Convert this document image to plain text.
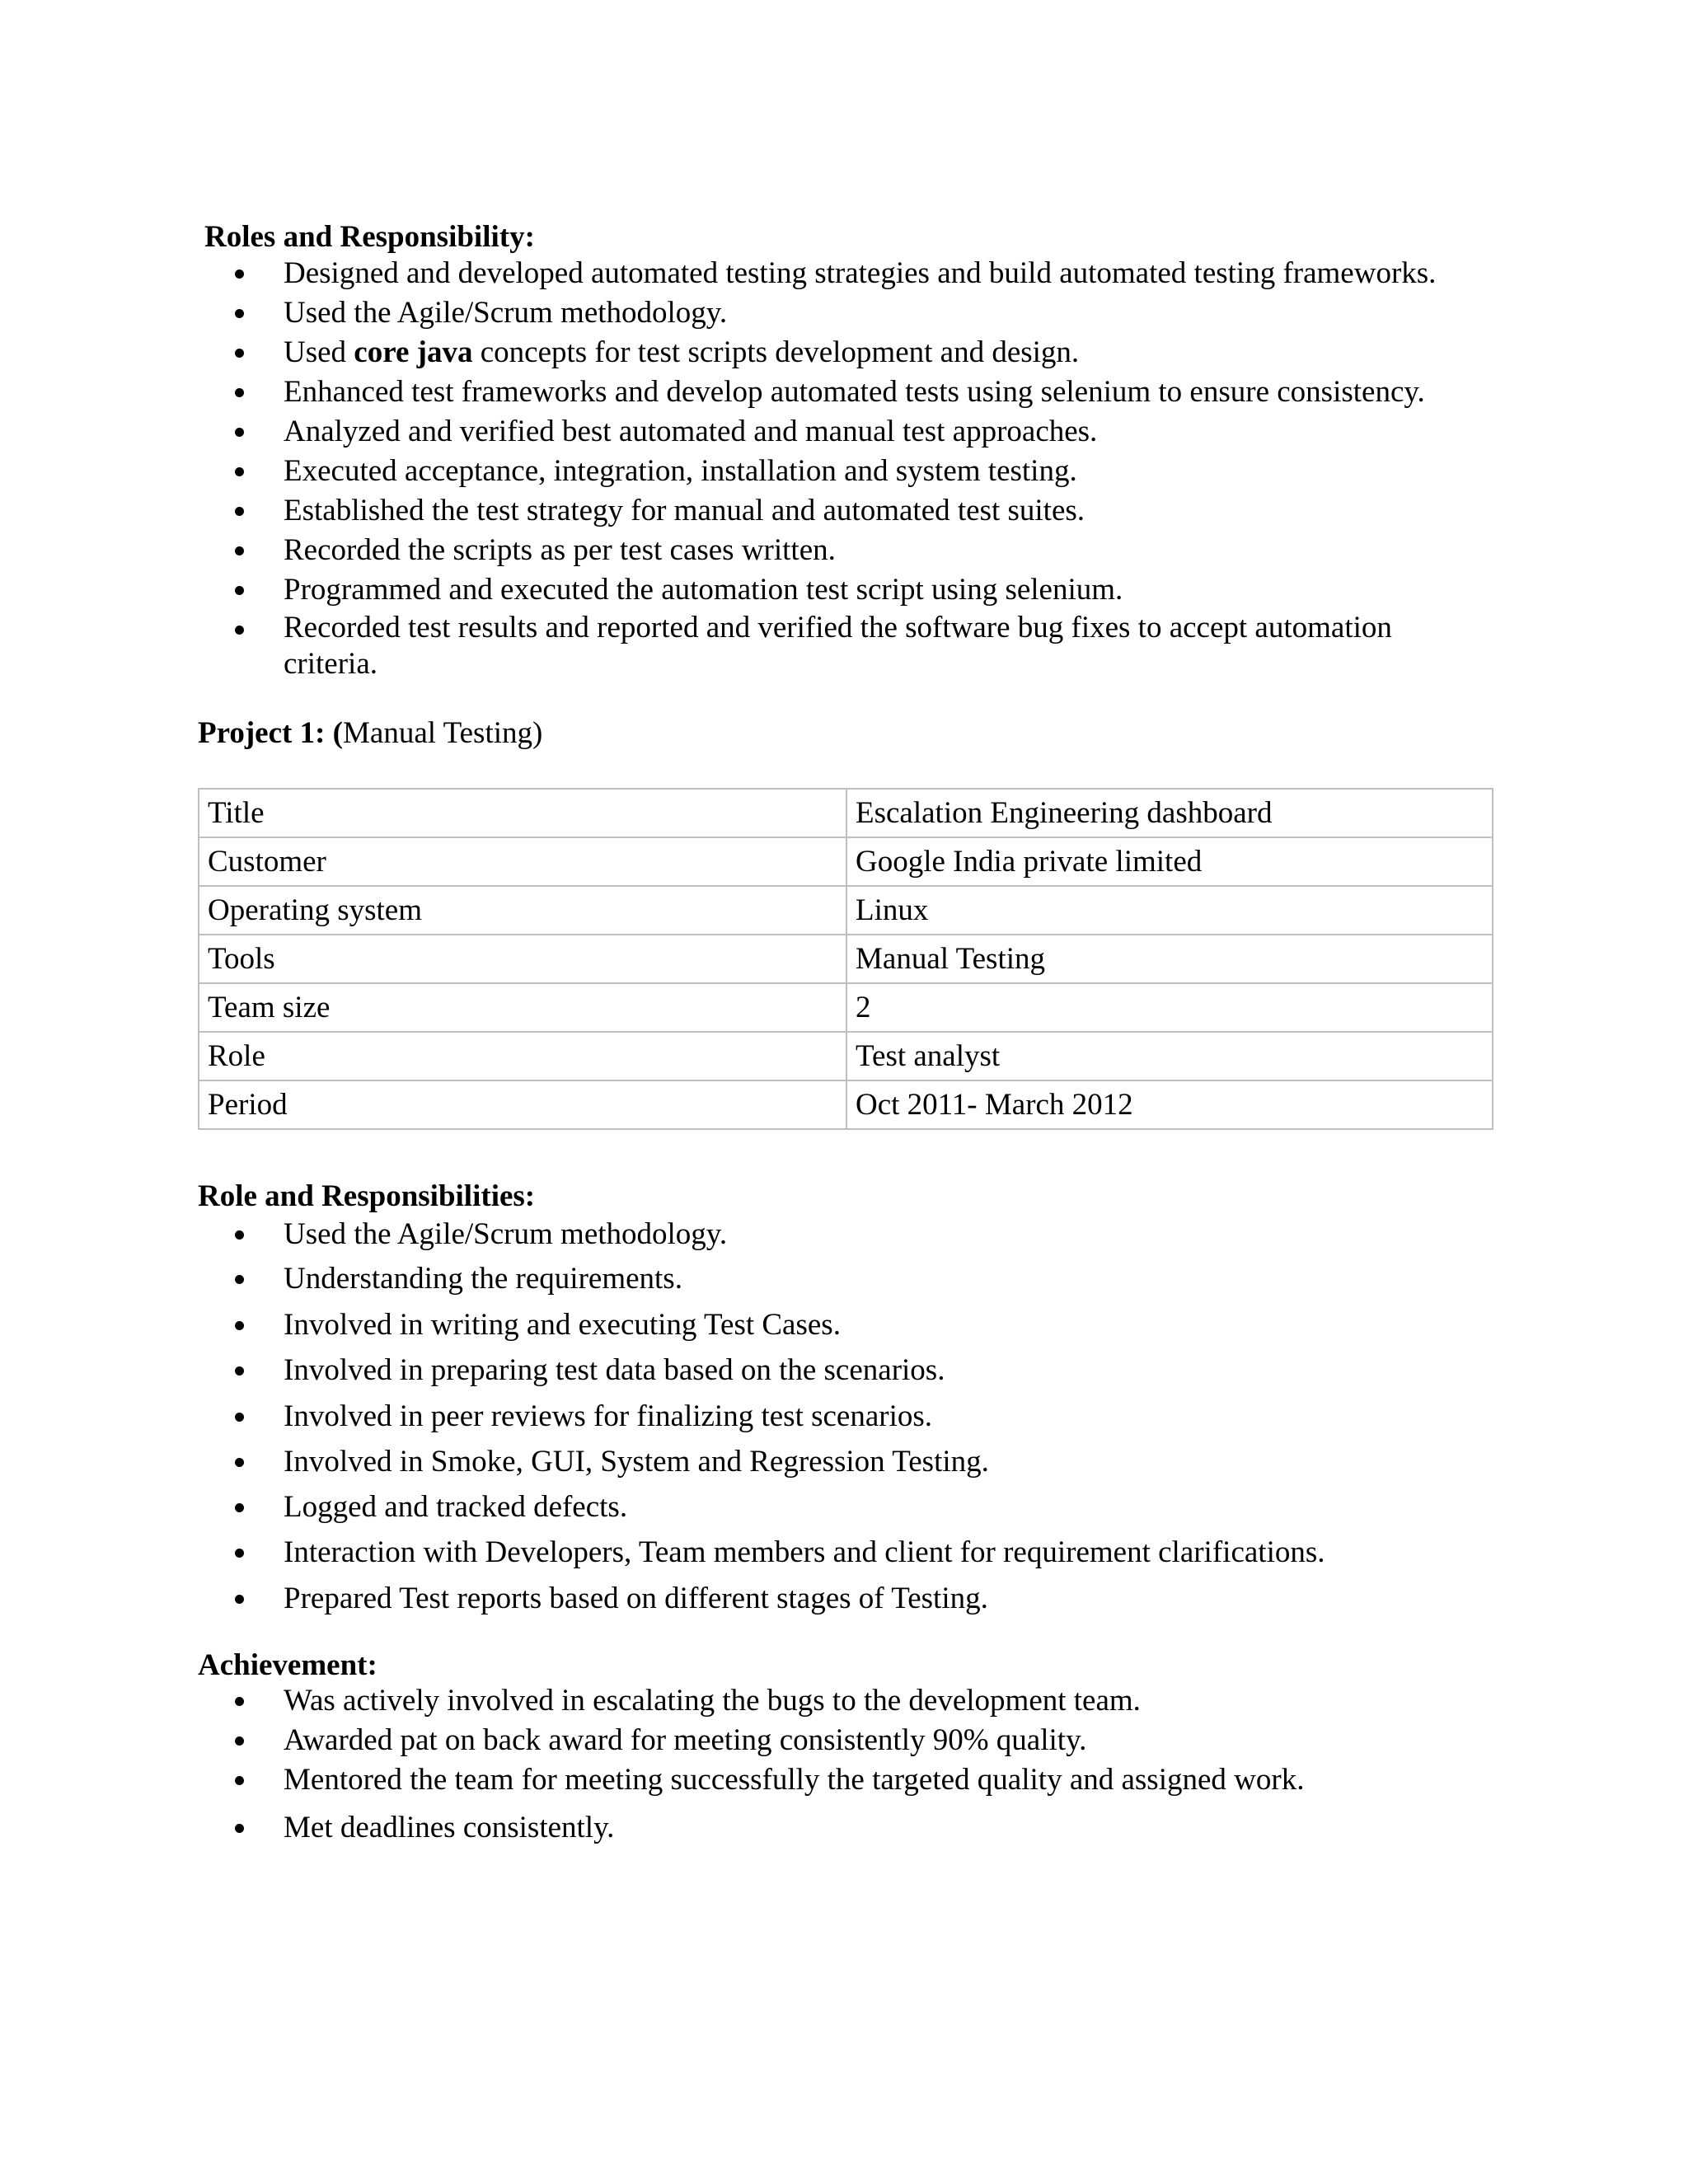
Roles and Responsibility:

Designed and developed automated testing strategies and build automated testing frameworks.
Used the Agile/Scrum methodology.
Used core java concepts for test scripts development and design.
Enhanced test frameworks and develop automated tests using selenium to ensure consistency.
Analyzed and verified best automated and manual test approaches.
Executed acceptance, integration, installation and system testing.
Established the test strategy for manual and automated test suites.
Recorded the scripts as per test cases written.
Programmed and executed the automation test script using selenium.
Recorded test results and reported and verified the software bug fixes to accept automation criteria.

Project 1: (Manual Testing)

Title	Escalation Engineering dashboard
Customer	Google India private limited
Operating system	Linux
Tools	Manual Testing
Team size	2
Role	Test analyst
Period	Oct 2011- March 2012

Role and Responsibilities:

Used the Agile/Scrum methodology.
Understanding the requirements.
Involved in writing and executing Test Cases.
Involved in preparing test data based on the scenarios.
Involved in peer reviews for finalizing test scenarios.
Involved in Smoke, GUI, System and Regression Testing.
Logged and tracked defects.
Interaction with Developers, Team members and client for requirement clarifications.
Prepared Test reports based on different stages of Testing.

Achievement:

Was actively involved in escalating the bugs to the development team.
Awarded pat on back award for meeting consistently 90% quality.
Mentored the team for meeting successfully the targeted quality and assigned work.
Met deadlines consistently.
